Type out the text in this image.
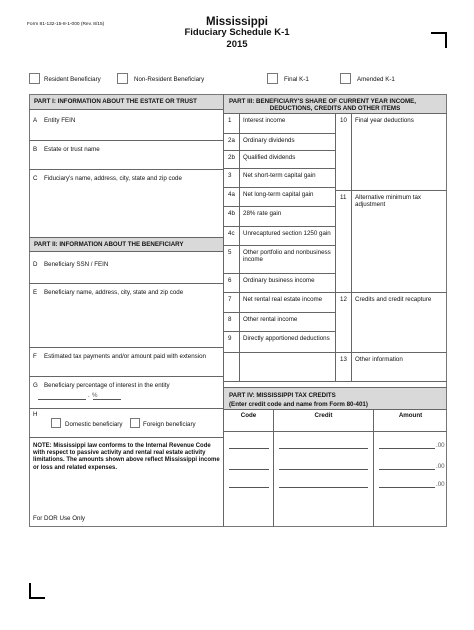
Form 81-132-15-8-1-000 (Rev. 8/15)	Mississippi
Fiduciary Schedule K-1
2015
Resident Beneficiary	Non-Resident Beneficiary	Final K-1	Amended K-1
PART I: INFORMATION ABOUT THE ESTATE OR TRUST
A Entity FEIN
B Estate or trust name
C Fiduciary's name, address, city, state and zip code
PART II: INFORMATION ABOUT THE BENEFICIARY
D Beneficiary SSN / FEIN
E Beneficiary name, address, city, state and zip code
F Estimated tax payments and/or amount paid with extension
G Beneficiary percentage of interest in the entity
. %
H
Domestic beneficiary	Foreign beneficiary
NOTE: Mississippi law conforms to the Internal Revenue Code with respect to passive activity and rental real estate activity limitations. The amounts shown above reflect Mississippi income or loss and related expenses.
For DOR Use Only
PART III: BENEFICIARY'S SHARE OF CURRENT YEAR INCOME,
DEDUCTIONS, CREDITS AND OTHER ITEMS
1 Interest income
2a Ordinary dividends
2b Qualified dividends
3 Net short-term capital gain
4a Net long-term capital gain
4b 28% rate gain
4c Unrecaptured section 1250 gain
5 Other portfolio and nonbusiness income
6 Ordinary business income
7 Net rental real estate income
8 Other rental income
9 Directly apportioned deductions
10 Final year deductions
11 Alternative minimum tax adjustment
12 Credits and credit recapture
13 Other information
PART IV: MISSISSIPPI TAX CREDITS
(Enter credit code and name from Form 80-401)
Code	Credit	Amount
.00
.00
.00
